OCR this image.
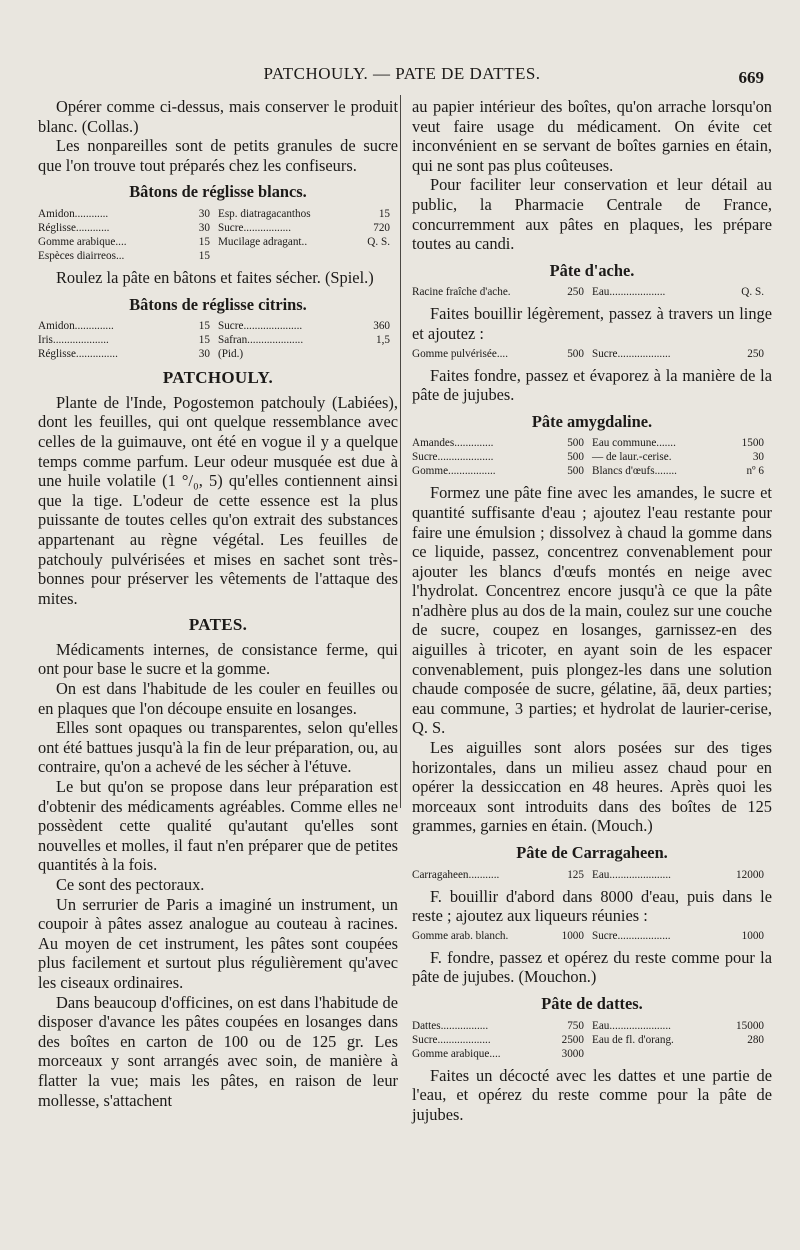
PATCHOULY. — PATE DE DATTES.	669

Opérer comme ci-dessus, mais conserver le produit blanc. (Collas.)

Les nonpareilles sont de petits granules de sucre que l'on trouve tout préparés chez les confiseurs.

Bâtons de réglisse blancs.
Amidon............	30	Esp. diatragacanthos	15
Réglisse............	30	Sucre.................	720
Gomme arabique....	15	Mucilage adragant..	Q. S.
Espèces diairreos...	15		

Roulez la pâte en bâtons et faites sécher. (Spiel.)

Bâtons de réglisse citrins.
Amidon..............	15	Sucre.....................	360
Iris....................	15	Safran....................	1,5
Réglisse...............	30	(Pid.)	
PATCHOULY.

Plante de l'Inde, Pogostemon patchouly (Labiées), dont les feuilles, qui ont quelque ressemblance avec celles de la guimauve, ont été en vogue il y a quelque temps comme parfum. Leur odeur musquée est due à une huile volatile (1 °/₀, 5) qu'elles contiennent ainsi que la tige. L'odeur de cette essence est la plus puissante de toutes celles qu'on extrait des substances appartenant au règne végétal. Les feuilles de patchouly pulvérisées et mises en sachet sont très-bonnes pour préserver les vêtements de l'attaque des mites.

PATES.

Médicaments internes, de consistance ferme, qui ont pour base le sucre et la gomme.

On est dans l'habitude de les couler en feuilles ou en plaques que l'on découpe ensuite en losanges.

Elles sont opaques ou transparentes, selon qu'elles ont été battues jusqu'à la fin de leur préparation, ou, au contraire, qu'on a achevé de les sécher à l'étuve.

Le but qu'on se propose dans leur préparation est d'obtenir des médicaments agréables. Comme elles ne possèdent cette qualité qu'autant qu'elles sont nouvelles et molles, il faut n'en préparer que de petites quantités à la fois.

Ce sont des pectoraux.

Un serrurier de Paris a imaginé un instrument, un coupoir à pâtes assez analogue au couteau à racines. Au moyen de cet instrument, les pâtes sont coupées plus facilement et surtout plus régulièrement qu'avec les ciseaux ordinaires.

Dans beaucoup d'officines, on est dans l'habitude de disposer d'avance les pâtes coupées en losanges dans des boîtes en carton de 100 ou de 125 gr. Les morceaux y sont arrangés avec soin, de manière à flatter la vue; mais les pâtes, en raison de leur mollesse, s'attachent

au papier intérieur des boîtes, qu'on arrache lorsqu'on veut faire usage du médicament. On évite cet inconvénient en se servant de boîtes garnies en étain, qui ne sont pas plus coûteuses.

Pour faciliter leur conservation et leur détail au public, la Pharmacie Centrale de France, concurremment aux pâtes en plaques, les prépare toutes au candi.

Pâte d'ache.
Racine fraîche d'ache.	250	Eau....................	Q. S.

Faites bouillir légèrement, passez à travers un linge et ajoutez :

Gomme pulvérisée....	500	Sucre...................	250

Faites fondre, passez et évaporez à la manière de la pâte de jujubes.

Pâte amygdaline.
Amandes..............	500	Eau commune.......	1500
Sucre....................	500	— de laur.-cerise.	30
Gomme.................	500	Blancs d'œufs........	nº 6

Formez une pâte fine avec les amandes, le sucre et quantité suffisante d'eau ; ajoutez l'eau restante pour faire une émulsion ; dissolvez à chaud la gomme dans ce liquide, passez, concentrez convenablement pour ajouter les blancs d'œufs montés en neige avec l'hydrolat. Concentrez encore jusqu'à ce que la pâte n'adhère plus au dos de la main, coulez sur une couche de sucre, coupez en losanges, garnissez-en des aiguilles à tricoter, en ayant soin de les espacer convenablement, puis plongez-les dans une solution chaude composée de sucre, gélatine, āā, deux parties; eau commune, 3 parties; et hydrolat de laurier-cerise, Q. S.

Les aiguilles sont alors posées sur des tiges horizontales, dans un milieu assez chaud pour en opérer la dessiccation en 48 heures. Après quoi les morceaux sont introduits dans des boîtes de 125 grammes, garnies en étain. (Mouch.)

Pâte de Carragaheen.
Carragaheen...........	125	Eau......................	12000

F. bouillir d'abord dans 8000 d'eau, puis dans le reste ; ajoutez aux liqueurs réunies :

Gomme arab. blanch.	1000	Sucre...................	1000

F. fondre, passez et opérez du reste comme pour la pâte de jujubes. (Mouchon.)

Pâte de dattes.
Dattes.................	750	Eau......................	15000
Sucre...................	2500	Eau de fl. d'orang.	280
Gomme arabique....	3000		

Faites un décocté avec les dattes et une partie de l'eau, et opérez du reste comme pour la pâte de jujubes.
